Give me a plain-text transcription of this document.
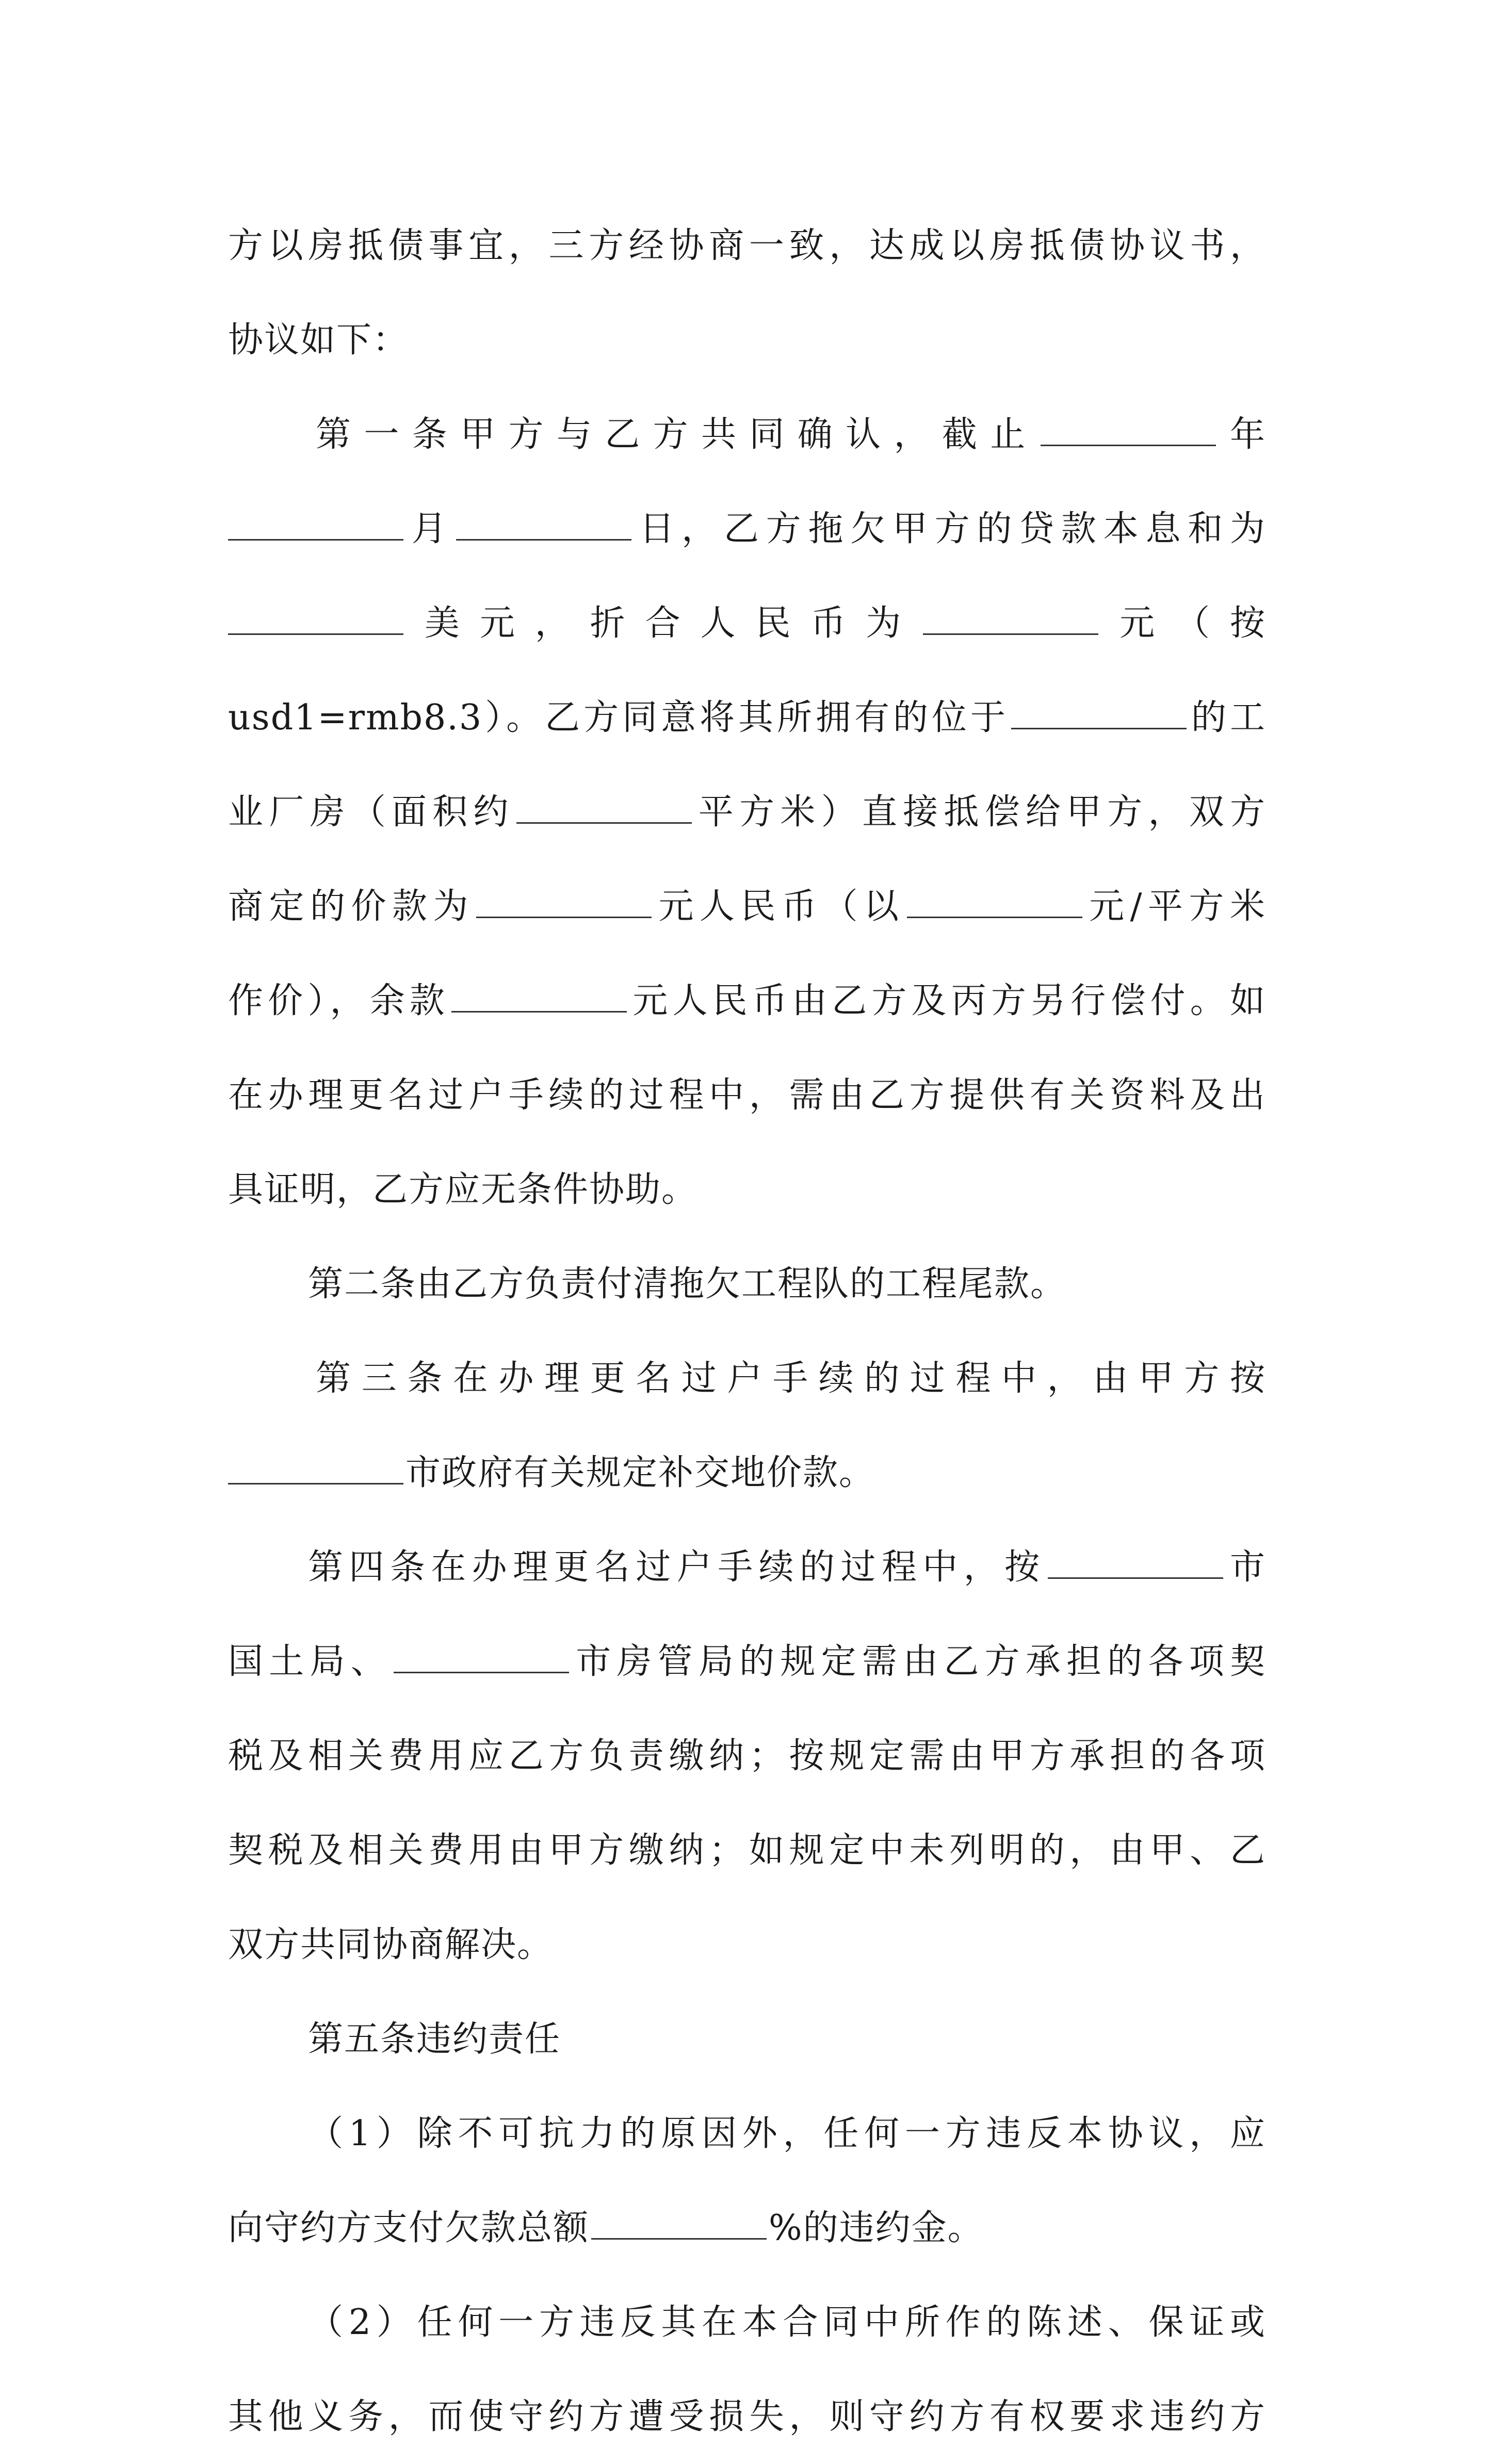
方以房抵债事宜，三方经协商一致，达成以房抵债协议书，
协议如下：
第一条甲方与乙方共同确认，截止	年
月	日，乙方拖欠甲方的贷款本息和为
美元，折合人民币为	元（按
usd1=rmb8.3）。乙方同意将其所拥有的位于	的工
业厂房（面积约	平方米）直接抵偿给甲方，双方
商定的价款为	元人民币（以	元/平方米
作价），余款	元人民币由乙方及丙方另行偿付。如
在办理更名过户手续的过程中，需由乙方提供有关资料及出
具证明，乙方应无条件协助。
第二条由乙方负责付清拖欠工程队的工程尾款。
第三条在办理更名过户手续的过程中，由甲方按
市政府有关规定补交地价款。
第四条在办理更名过户手续的过程中，按	市
国土局、	市房管局的规定需由乙方承担的各项契
税及相关费用应乙方负责缴纳；按规定需由甲方承担的各项
契税及相关费用由甲方缴纳；如规定中未列明的，由甲、乙
双方共同协商解决。
第五条违约责任
（1）除不可抗力的原因外，任何一方违反本协议，应
向守约方支付欠款总额	%的违约金。
（2）任何一方违反其在本合同中所作的陈述、保证或
其他义务，而使守约方遭受损失，则守约方有权要求违约方
